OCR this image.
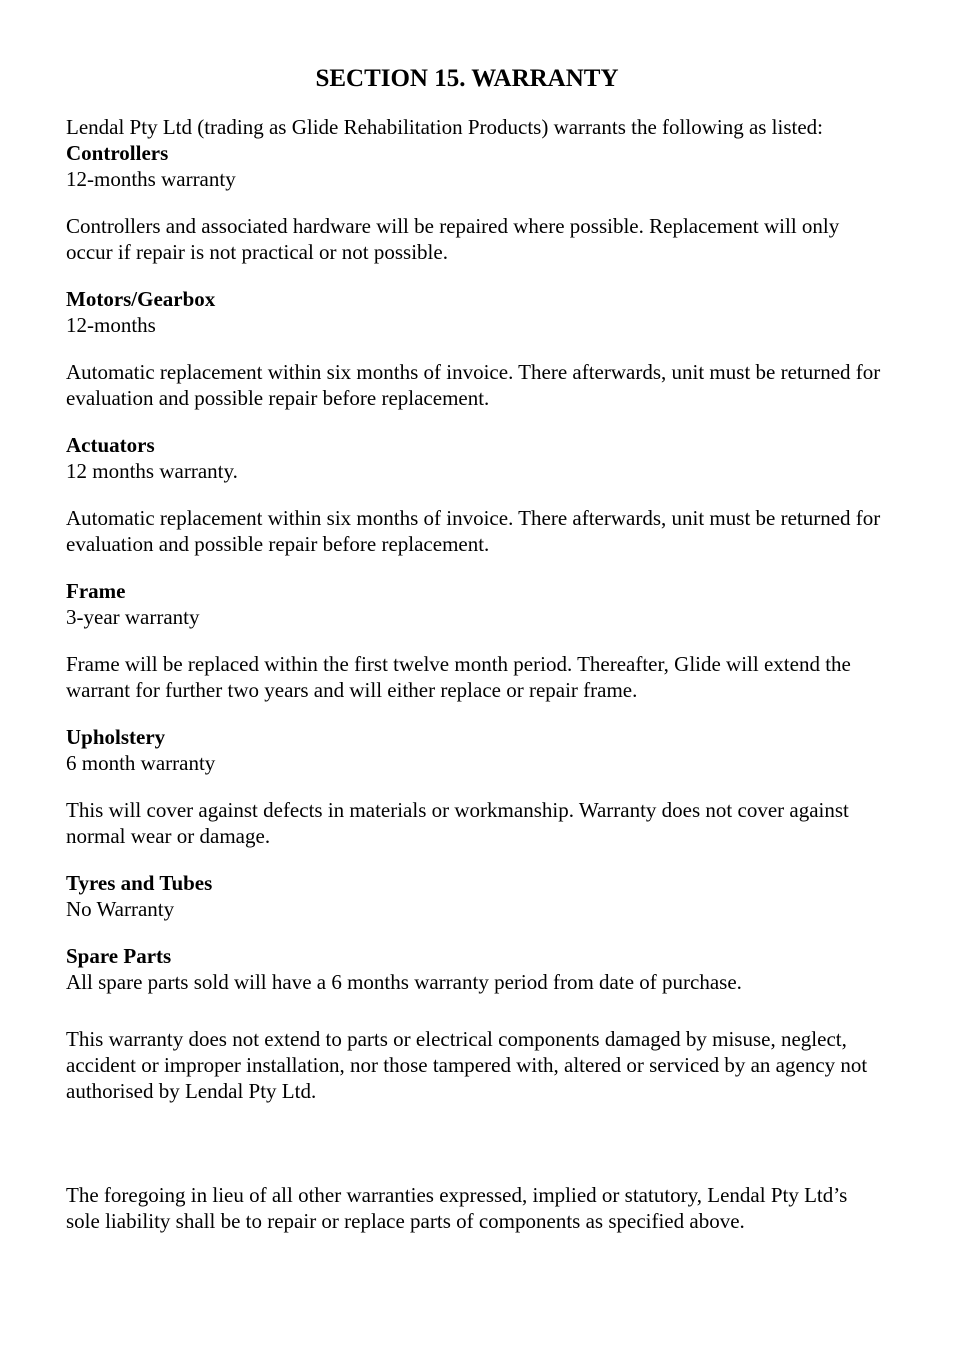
SECTION 15. WARRANTY

Lendal Pty Ltd (trading as Glide Rehabilitation Products) warrants the following as listed:

Controllers

12-months warranty

Controllers and associated hardware will be repaired where possible. Replacement will only occur if repair is not practical or not possible.

Motors/Gearbox

12-months

Automatic replacement within six months of invoice. There afterwards, unit must be returned for evaluation and possible repair before replacement.

Actuators

12 months warranty.

Automatic replacement within six months of invoice. There afterwards, unit must be returned for evaluation and possible repair before replacement.

Frame

3-year warranty

Frame will be replaced within the first twelve month period. Thereafter, Glide will extend the warrant for further two years and will either replace or repair frame.

Upholstery

6 month warranty

This will cover against defects in materials or workmanship. Warranty does not cover against normal wear or damage.

Tyres and Tubes

No Warranty

Spare Parts

All spare parts sold will have a 6 months warranty period from date of purchase.

This warranty does not extend to parts or electrical components damaged by misuse, neglect, accident or improper installation, nor those tampered with, altered or serviced by an agency not authorised by Lendal Pty Ltd.

The foregoing in lieu of all other warranties expressed, implied or statutory, Lendal Pty Ltd’s sole liability shall be to repair or replace parts of components as specified above.
